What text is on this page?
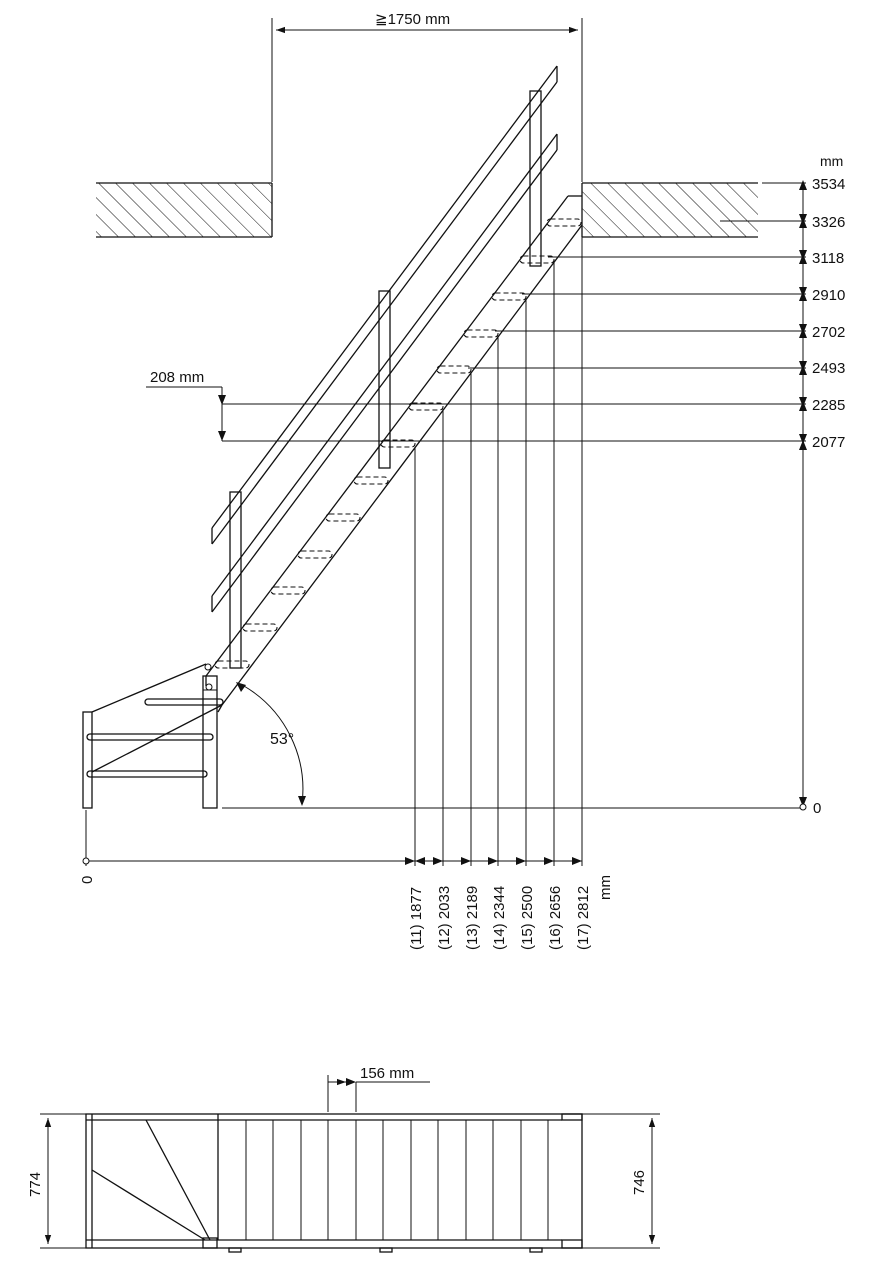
≧1750 mm
mm
3534
3326
3118
2910
2702
2493
2285
2077
0
208 mm
0
(11) 1877 (12) 2033 (13) 2189 (14) 2344 (15) 2500 (16) 2656 (17) 2812 mm
53°
156 mm
774	746
